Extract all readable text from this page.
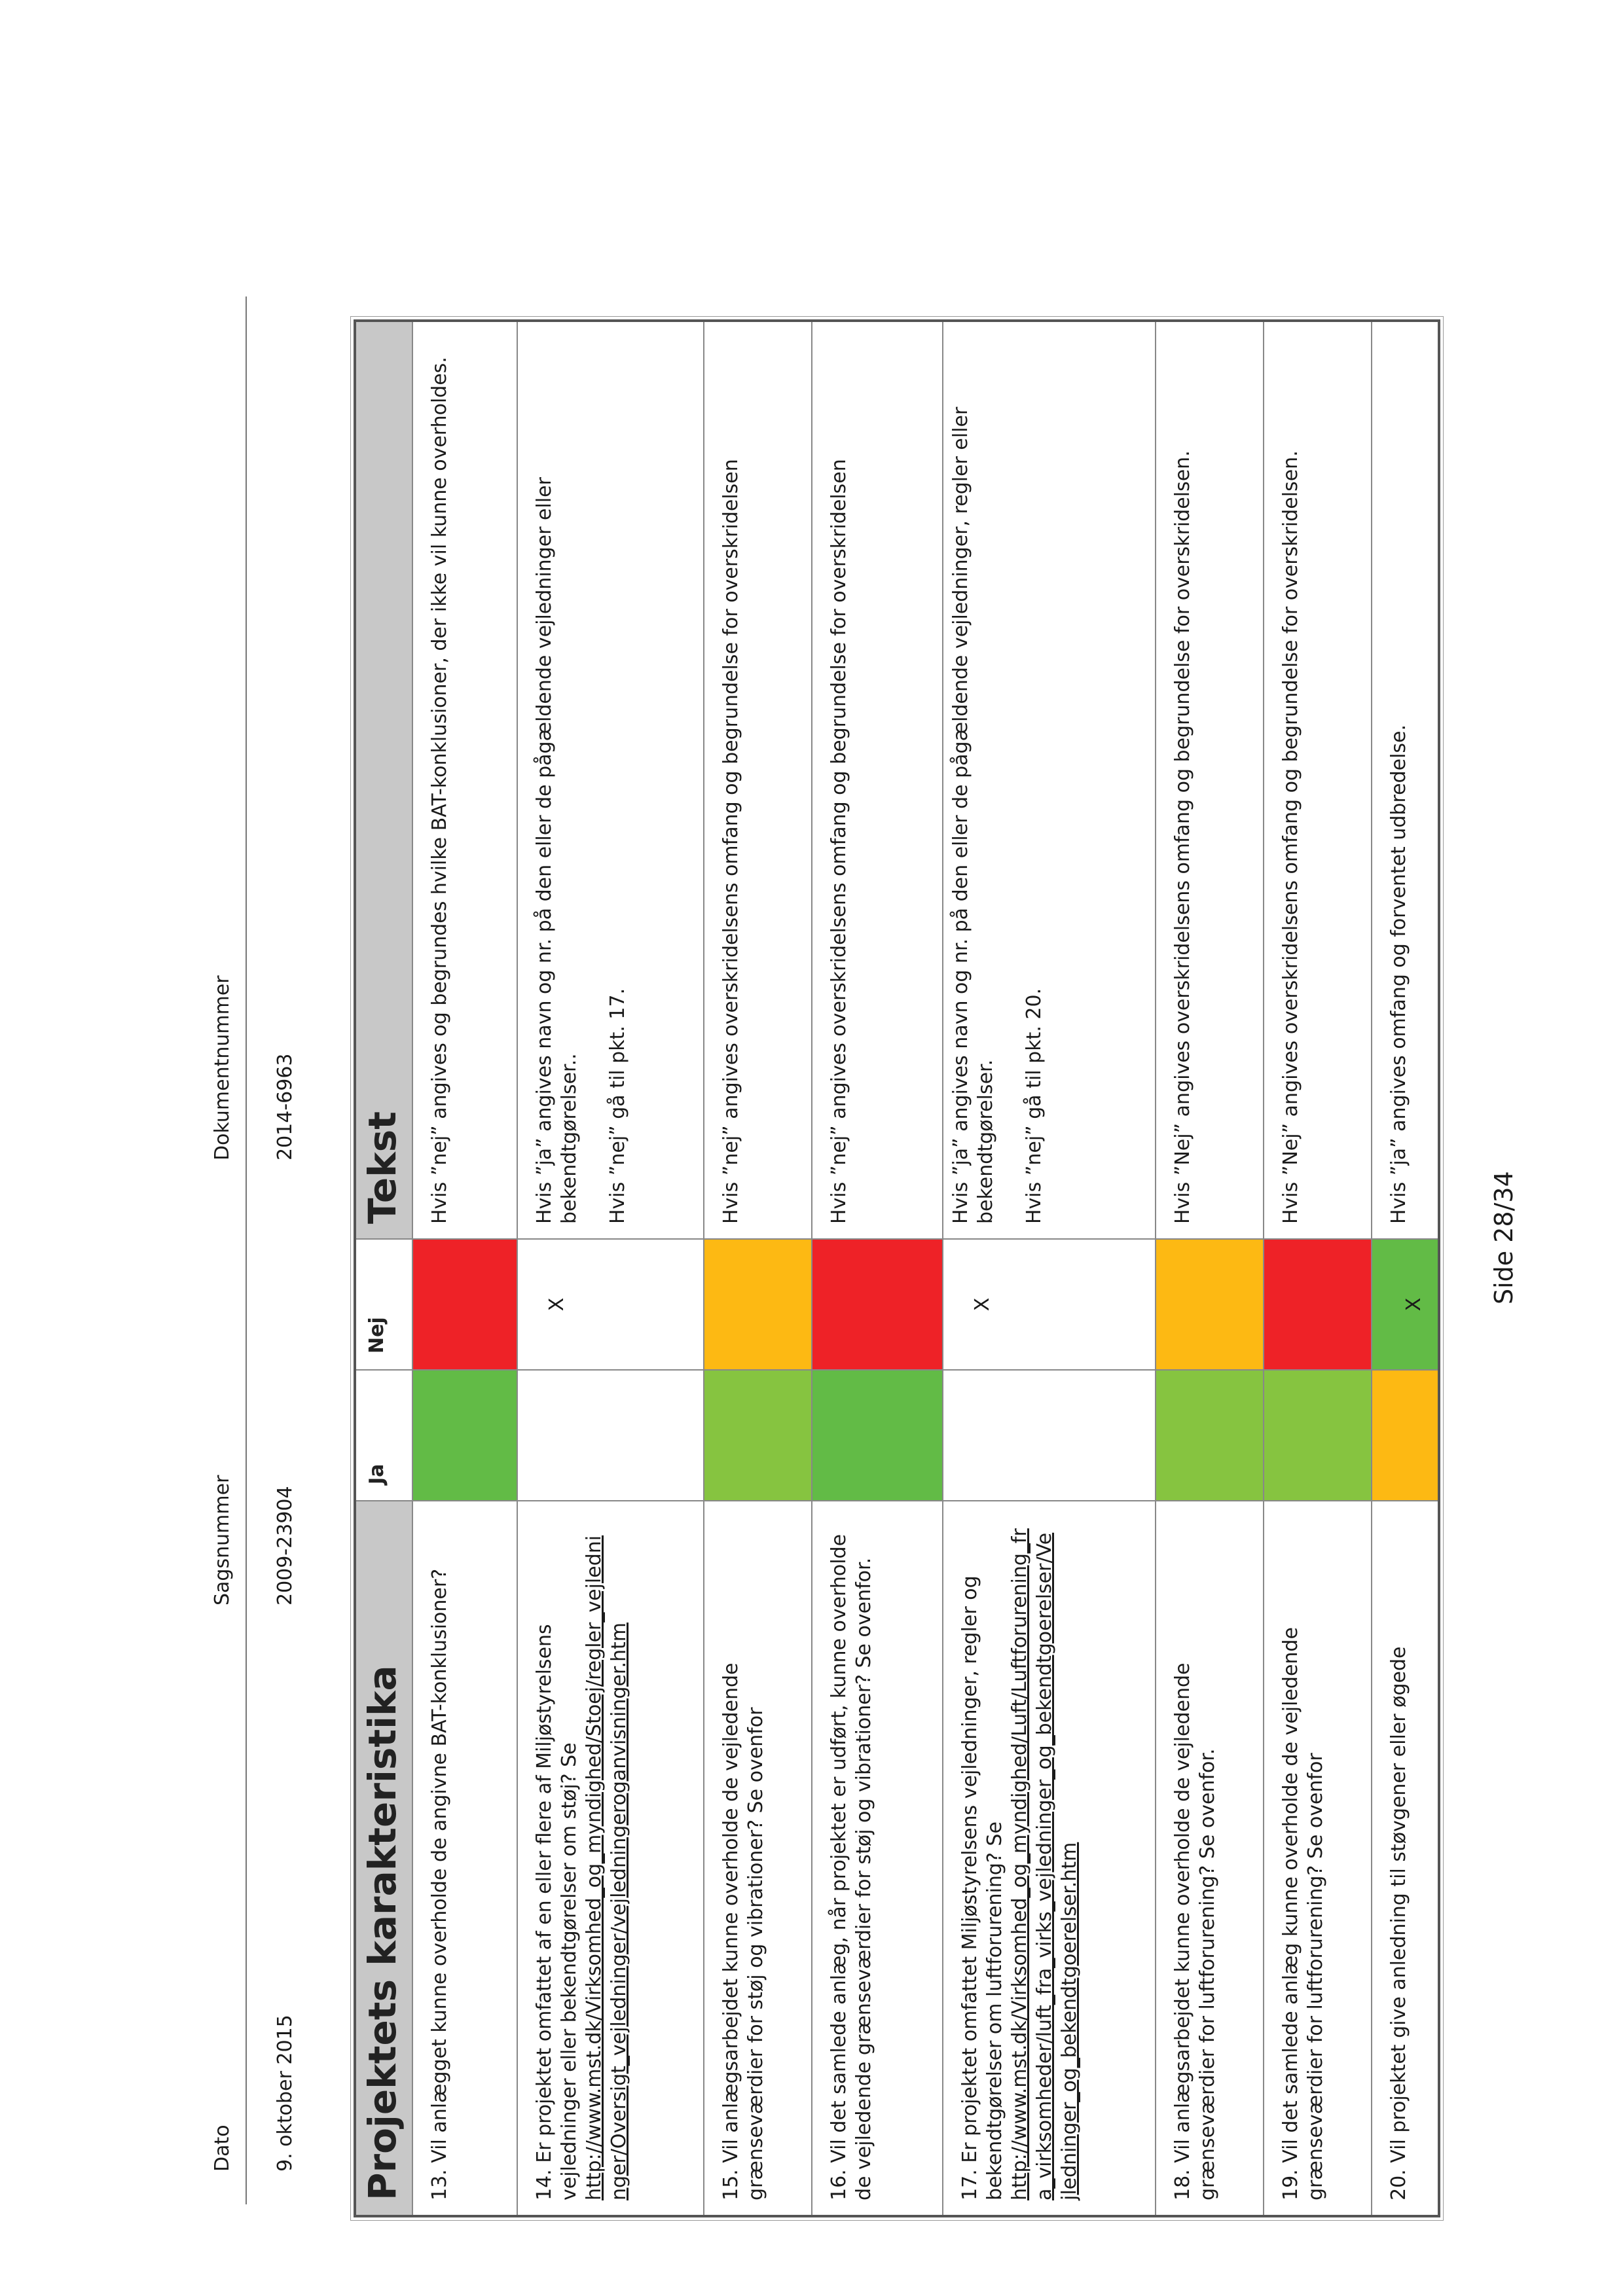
Dato 9. oktober 2015
Sagsnummer 2009-23904
Dokumentnummer 2014-6963
Projektets karakteristika
Ja
Nej
Tekst
13. Vil anlægget kunne overholde de angivne BAT-konklusioner?

Hvis ”nej” angives og begrundes hvilke BAT-konklusioner, der ikke vil kunne overholdes.

14. Er projektet omfattet af en eller flere af Miljøstyrelsens vejledninger eller bekendtgørelser om støj? Se http://www.mst.dk/Virksomhed_og_myndighed/Stoej/regler_vejledninger/Oversigt_vejledninger/vejledningeroganvisninger.htm
X

Hvis ”ja” angives navn og nr. på den eller de pågældende vejledninger eller bekendtgørelser.. Hvis ”nej” gå til pkt. 17.

15. Vil anlægsarbejdet kunne overholde de vejledende grænseværdier for støj og vibrationer? Se ovenfor

Hvis ”nej” angives overskridelsens omfang og begrundelse for overskridelsen

16. Vil det samlede anlæg, når projektet er udført, kunne overholde de vejledende grænseværdier for støj og vibrationer? Se ovenfor.

Hvis ”nej” angives overskridelsens omfang og begrundelse for overskridelsen

17. Er projektet omfattet Miljøstyrelsens vejledninger, regler og bekendtgørelser om luftforurening? Se http://www.mst.dk/Virksomhed_og_myndighed/Luft/Luftforurening_fra_virksomheder/luft_fra_virks_vejledninger_og_bekendtgoerelser/Vejledninger_og_bekendtgoerelser.htm
X

Hvis ”ja” angives navn og nr. på den eller de pågældende vejledninger, regler eller bekendtgørelser. Hvis ”nej” gå til pkt. 20.

18. Vil anlægsarbejdet kunne overholde de vejledende grænseværdier for luftforurening? Se ovenfor.

Hvis ”Nej” angives overskridelsens omfang og begrundelse for overskridelsen.

19. Vil det samlede anlæg kunne overholde de vejledende grænseværdier for luftforurening? Se ovenfor

Hvis ”Nej” angives overskridelsens omfang og begrundelse for overskridelsen.

20. Vil projektet give anledning til støvgener eller øgede
X

Hvis ”ja” angives omfang og forventet udbredelse.

Side 28/34
